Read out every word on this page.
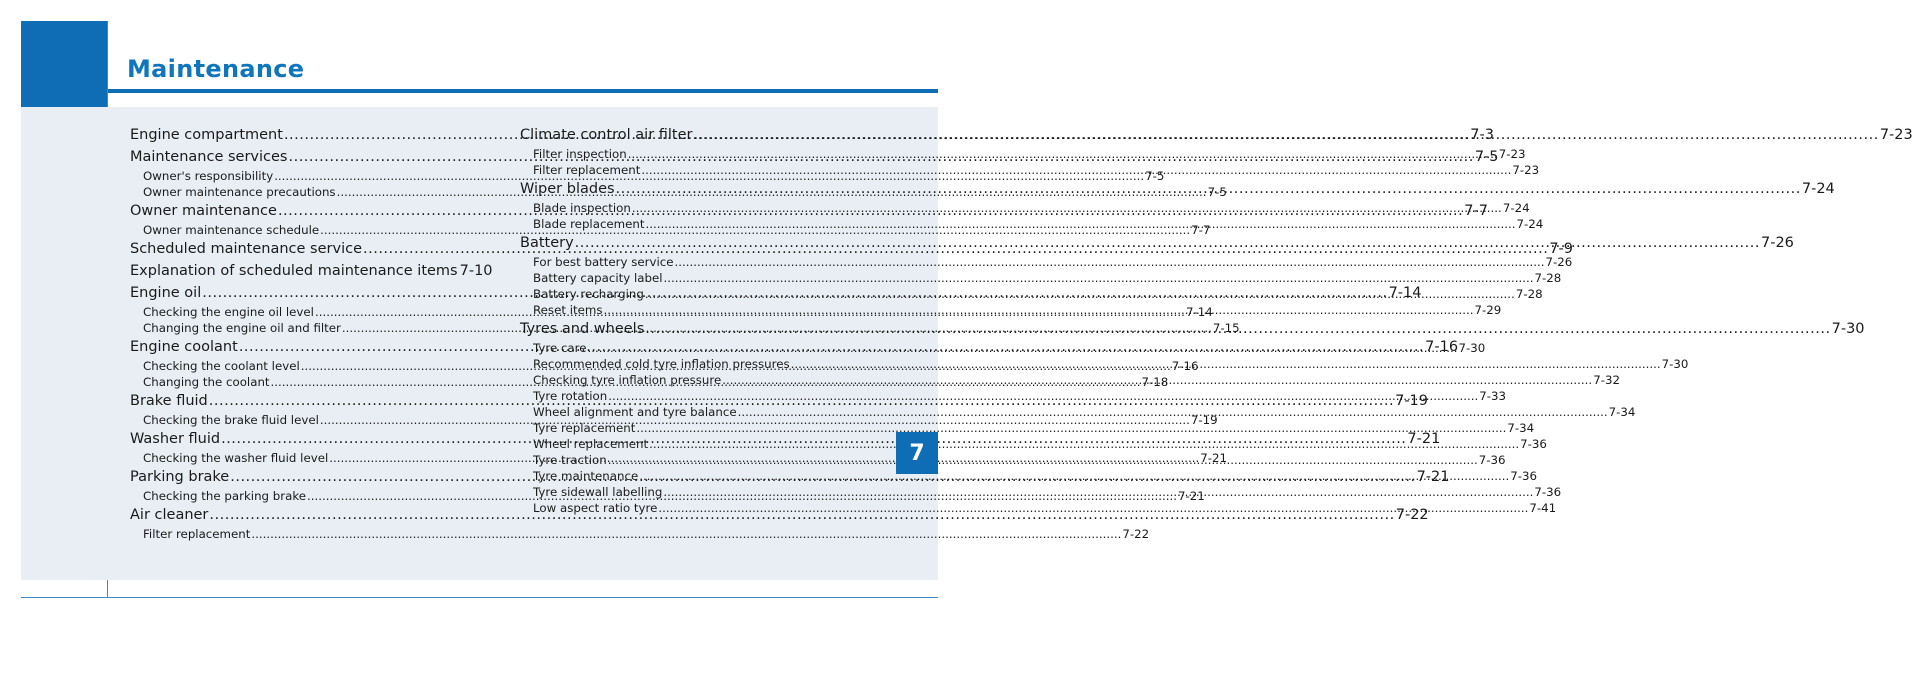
Maintenance
Engine compartment .....	7-3
Maintenance services .....	7-5
Owner's responsibility .....	7-5
Owner maintenance precautions .....	7-5
Owner maintenance .....	7-7
Owner maintenance schedule .....	7-7
Scheduled maintenance service .....	7-9
Explanation of scheduled maintenance items 7-10
Engine oil .....	7-14
Checking the engine oil level .....	7-14
Changing the engine oil and filter .....	7-15
Engine coolant .....	7-16
Checking the coolant level .....	7-16
Changing the coolant .....	7-18
Brake fluid .....	7-19
Checking the brake fluid level .....	7-19
Washer fluid .....	7-21
Checking the washer fluid level .....	7-21
Parking brake .....	7-21
Checking the parking brake .....	7-21
Air cleaner .....	7-22
Filter replacement .....	7-22
Climate control air filter .....	7-23
Filter inspection .....	7-23
Filter replacement .....	7-23
Wiper blades .....	7-24
Blade inspection .....	7-24
Blade replacement .....	7-24
Battery .....	7-26
For best battery service .....	7-26
Battery capacity label .....	7-28
Battery recharging .....	7-28
Reset items .....	7-29
Tyres and wheels .....	7-30
Tyre care .....	7-30
Recommended cold tyre inflation pressures .....	7-30
Checking tyre inflation pressure .....	7-32
Tyre rotation .....	7-33
Wheel alignment and tyre balance .....	7-34
Tyre replacement .....	7-34
Wheel replacement .....	7-36
Tyre traction .....	7-36
Tyre maintenance .....	7-36
Tyre sidewall labelling .....	7-36
Low aspect ratio tyre .....	7-41
7
